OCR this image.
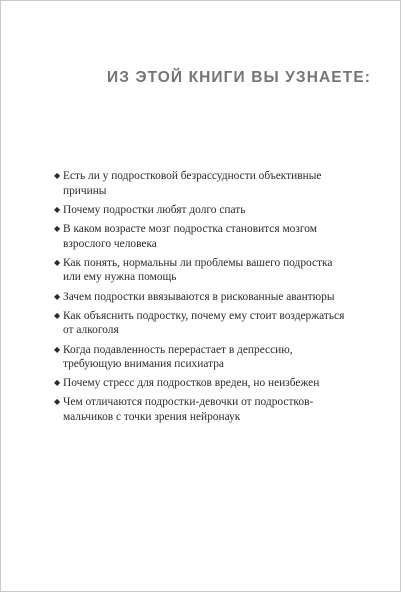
ИЗ ЭТОЙ КНИГИ ВЫ УЗНАЕТЕ:
◆ Есть ли у подростковой безрассудности объективные причины
◆ Почему подростки любят долго спать
◆ В каком возрасте мозг подростка становится мозгом взрослого человека
◆ Как понять, нормальны ли проблемы вашего подростка или ему нужна помощь
◆ Зачем подростки ввязываются в рискованные авантюры
◆ Как объяснить подростку, почему ему стоит воздержаться от алкоголя
◆ Когда подавленность перерастает в депрессию, требующую внимания психиатра
◆ Почему стресс для подростков вреден, но неизбежен
◆ Чем отличаются подростки-девочки от подростков-мальчиков с точки зрения нейронаук
